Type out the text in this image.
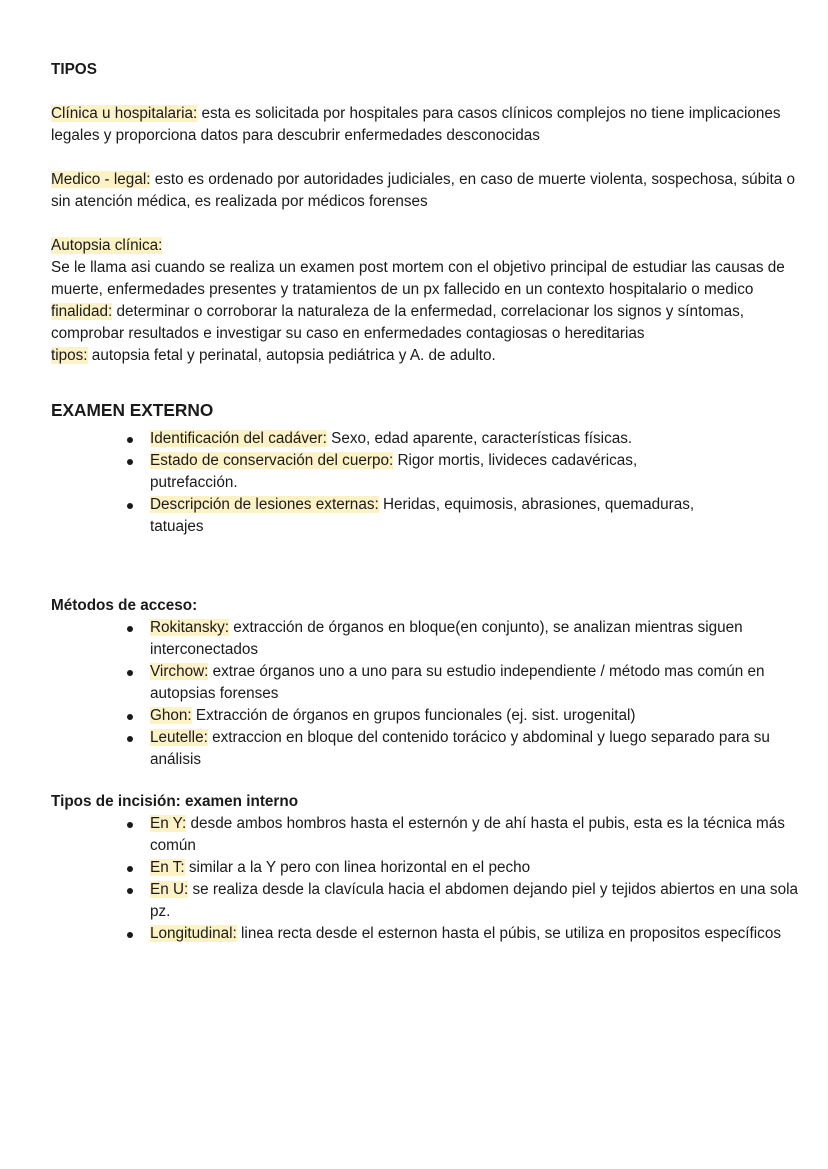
TIPOS

Clínica u hospitalaria: esta es solicitada por hospitales para casos clínicos complejos no tiene implicaciones legales y proporciona datos para descubrir enfermedades desconocidas

Medico - legal: esto es ordenado por autoridades judiciales, en caso de muerte violenta, sospechosa, súbita o sin atención médica, es realizada por médicos forenses

Autopsia clínica:

Se le llama asi cuando se realiza un examen post mortem con el objetivo principal de estudiar las causas de muerte, enfermedades presentes y tratamientos de un px fallecido en un contexto hospitalario o medico

finalidad: determinar o corroborar la naturaleza de la enfermedad, correlacionar los signos y síntomas, comprobar resultados e investigar su caso en enfermedades contagiosas o hereditarias

tipos: autopsia fetal y perinatal, autopsia pediátrica y A. de adulto.

EXAMEN EXTERNO

Identificación del cadáver: Sexo, edad aparente, características físicas.
Estado de conservación del cuerpo: Rigor mortis, livideces cadavéricas, putrefacción.
Descripción de lesiones externas: Heridas, equimosis, abrasiones, quemaduras, tatuajes

Métodos de acceso:

Rokitansky: extracción de órganos en bloque(en conjunto), se analizan mientras siguen interconectados
Virchow: extrae órganos uno a uno para su estudio independiente / método mas común en autopsias forenses
Ghon: Extracción de órganos en grupos funcionales (ej. sist. urogenital)
Leutelle: extraccion en bloque del contenido torácico y abdominal y luego separado para su análisis

Tipos de incisión: examen interno

En Y: desde ambos hombros hasta el esternón y de ahí hasta el pubis, esta es la técnica más común
En T: similar a la Y pero con linea horizontal en el pecho
En U: se realiza desde la clavícula hacia el abdomen dejando piel y tejidos abiertos en una sola pz.
Longitudinal: linea recta desde el esternon hasta el púbis, se utiliza en propositos específicos
